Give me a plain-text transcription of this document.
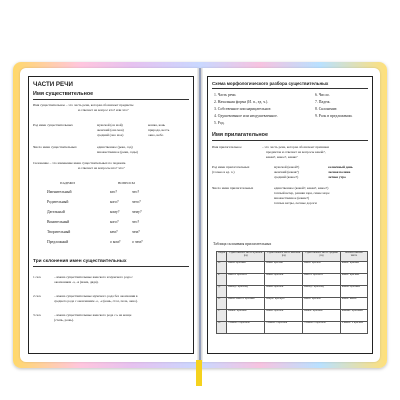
ЧАСТИ РЕЧИ
Имя существительное
Имя существительное – это часть речи, которая обозначает предметы
и отвечает на вопрос кто? или что?
Род имен существительных	мужской (он мой)	кошка, конь
женский (она моя)	природа, весть
средний (оно мое)	окно, небо
Число имен существительных	единственное (река, сад)
множественное (реки, сады)
Склонение – это изменение имен существительных по падежам.
и отвечает на вопросы кто? что?
ПАДЕЖИ	ВОПРОСЫ
Именительный	кто?	что?
Родительный	кого?	чего?
Дательный	кому?	чему?
Винительный	кого?	что?
Творительный	кем?	чем?
Предложный	о ком?	о чем?
Три склонения имен существительных
1 скл.	– имена существительные женского и мужского рода с
окончанием -а, -я (мама, дядя).
2 скл.	– имена существительные мужского рода без окончания в
среднего рода с окончанием -о, -е (конь, стол, поле, окно).
3 скл.	– имена существительные женского рода с ь на конце
(степь, рожь).
Схема морфологического разбора существительных
1. Часть речи.
2. Начальная форма (И. п., ед. ч.).
3. Собственное или нарицательное.
4. Одушевленное или неодушевленное.
5. Род.
6. Число.
7. Падеж.
8. Склонение.
9. Роль в предложении.
Имя прилагательное
Имя прилагательное	– это часть речи, которая обозначает признаки
предметов и отвечает на вопросы какой?,
какая?, какое?, какие?
Род имен прилагательных
(только в ед. ч.)
мужской (какой?)	солнечный день
женский (какая?)	лесная поляна
средний (какое?)	летнее утро
Число имен прилагательных	единственное (какой?, какая?, какое?)
теплый ветер, ранняя заря, синее море
множественное (какие?)
теплые ветры, лесные дороги
Таблица склонения прилагательных
Падеж	Единственное число мужской род	Единственное число женский род	Единственное число средний род	Множественное число
И.	какой? красный	какая? красная	какое? красное	какие? красные
Р.	какого? красного	какой? красной	какого? красного	каких? красных
Д.	какому? красному	какой? красной	какому? красному	каким? красным
В.	какой? какого? красный	какую? красную	какое? красное	какие? каких?
Т.	каким? красным	какой? красной	каким? красным	какими? красными
П.	о каком? о красном	о какой? о красной	о каком? о красном	о каких? о красных
